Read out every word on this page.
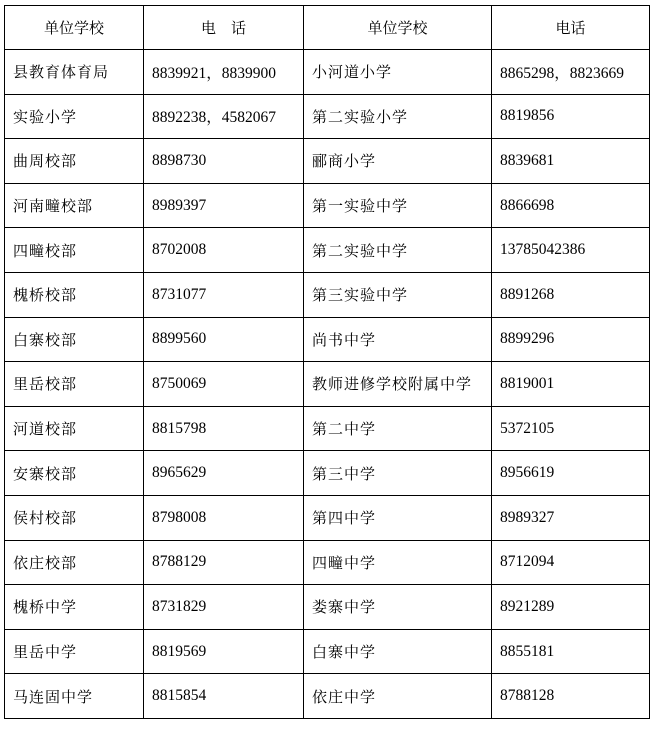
单位学校	电　话	单位学校	电话
县教育体育局	8839921，8839900	小河道小学	8865298，8823669
实验小学	8892238，4582067	第二实验小学	8819856
曲周校部	8898730	郦商小学	8839681
河南疃校部	8989397	第一实验中学	8866698
四疃校部	8702008	第二实验中学	13785042386
槐桥校部	8731077	第三实验中学	8891268
白寨校部	8899560	尚书中学	8899296
里岳校部	8750069	教师进修学校附属中学	8819001
河道校部	8815798	第二中学	5372105
安寨校部	8965629	第三中学	8956619
侯村校部	8798008	第四中学	8989327
依庄校部	8788129	四疃中学	8712094
槐桥中学	8731829	娄寨中学	8921289
里岳中学	8819569	白寨中学	8855181
马连固中学	8815854	依庄中学	8788128
